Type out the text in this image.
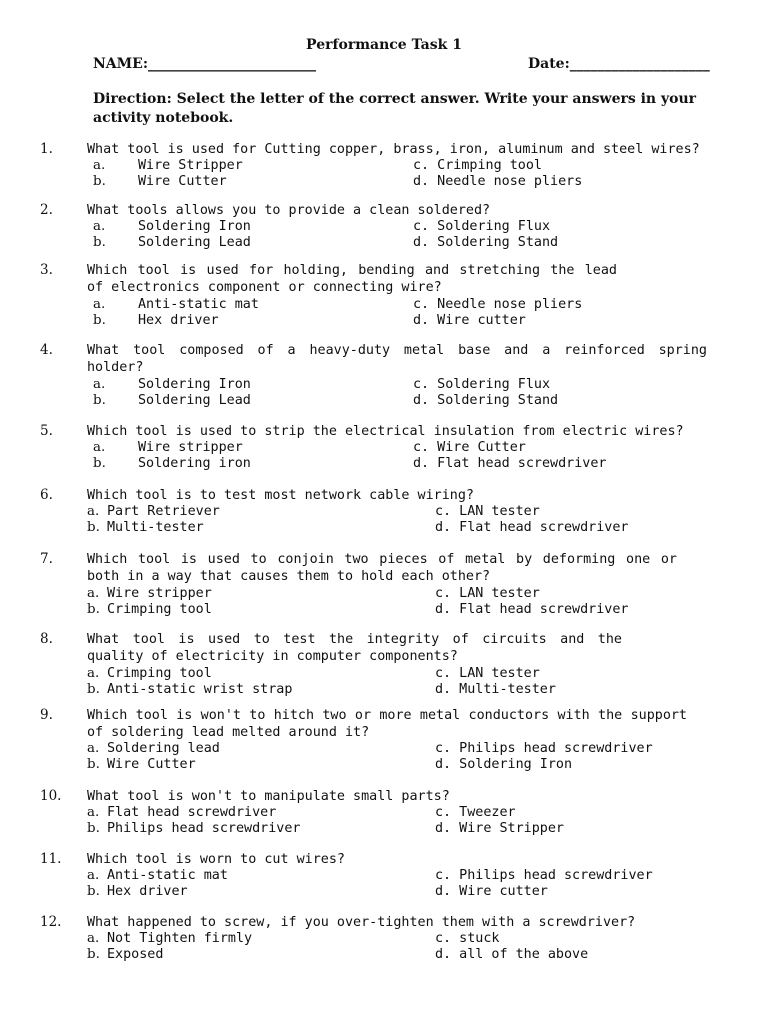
Performance Task 1
NAME:________________________	Date:____________________
Direction: Select the letter of the correct answer. Write your answers in your activity notebook.
1.	What tool is used for Cutting copper, brass, iron, aluminum and steel wires?
a. Wire Stripper
b. Wire Cutter
c. Crimping tool
d. Needle nose pliers
2.	What tools allows you to provide a clean soldered?
a. Soldering Iron
b. Soldering Lead
c. Soldering Flux
d. Soldering Stand
3.	Which tool is used for holding, bending and stretching the lead of electronics component or connecting wire?
a. Anti-static mat
b. Hex driver
c. Needle nose pliers
d. Wire cutter
4.	What tool composed of a heavy-duty metal base and a reinforced spring holder?
a. Soldering Iron
b. Soldering Lead
c. Soldering Flux
d. Soldering Stand
5.	Which tool is used to strip the electrical insulation from electric wires?
a. Wire stripper
b. Soldering iron
c. Wire Cutter
d. Flat head screwdriver
6.	Which tool is to test most network cable wiring?
a. Part Retriever
b. Multi-tester
c. LAN tester
d. Flat head screwdriver
7.	Which tool is used to conjoin two pieces of metal by deforming one or both in a way that causes them to hold each other?
a. Wire stripper
b. Crimping tool
c. LAN tester
d. Flat head screwdriver
8.	What tool is used to test the integrity of circuits and the quality of electricity in computer components?
a. Crimping tool
b. Anti-static wrist strap
c. LAN tester
d. Multi-tester
9.	Which tool is won't to hitch two or more metal conductors with the support of soldering lead melted around it?
a. Soldering lead
b. Wire Cutter
c. Philips head screwdriver
d. Soldering Iron
10. What tool is won't to manipulate small parts?
a. Flat head screwdriver
b. Philips head screwdriver
c. Tweezer
d. Wire Stripper
11. Which tool is worn to cut wires?
a. Anti-static mat
b. Hex driver
c. Philips head screwdriver
d. Wire cutter
12. What happened to screw, if you over-tighten them with a screwdriver?
a. Not Tighten firmly
b. Exposed
c. stuck
d. all of the above
